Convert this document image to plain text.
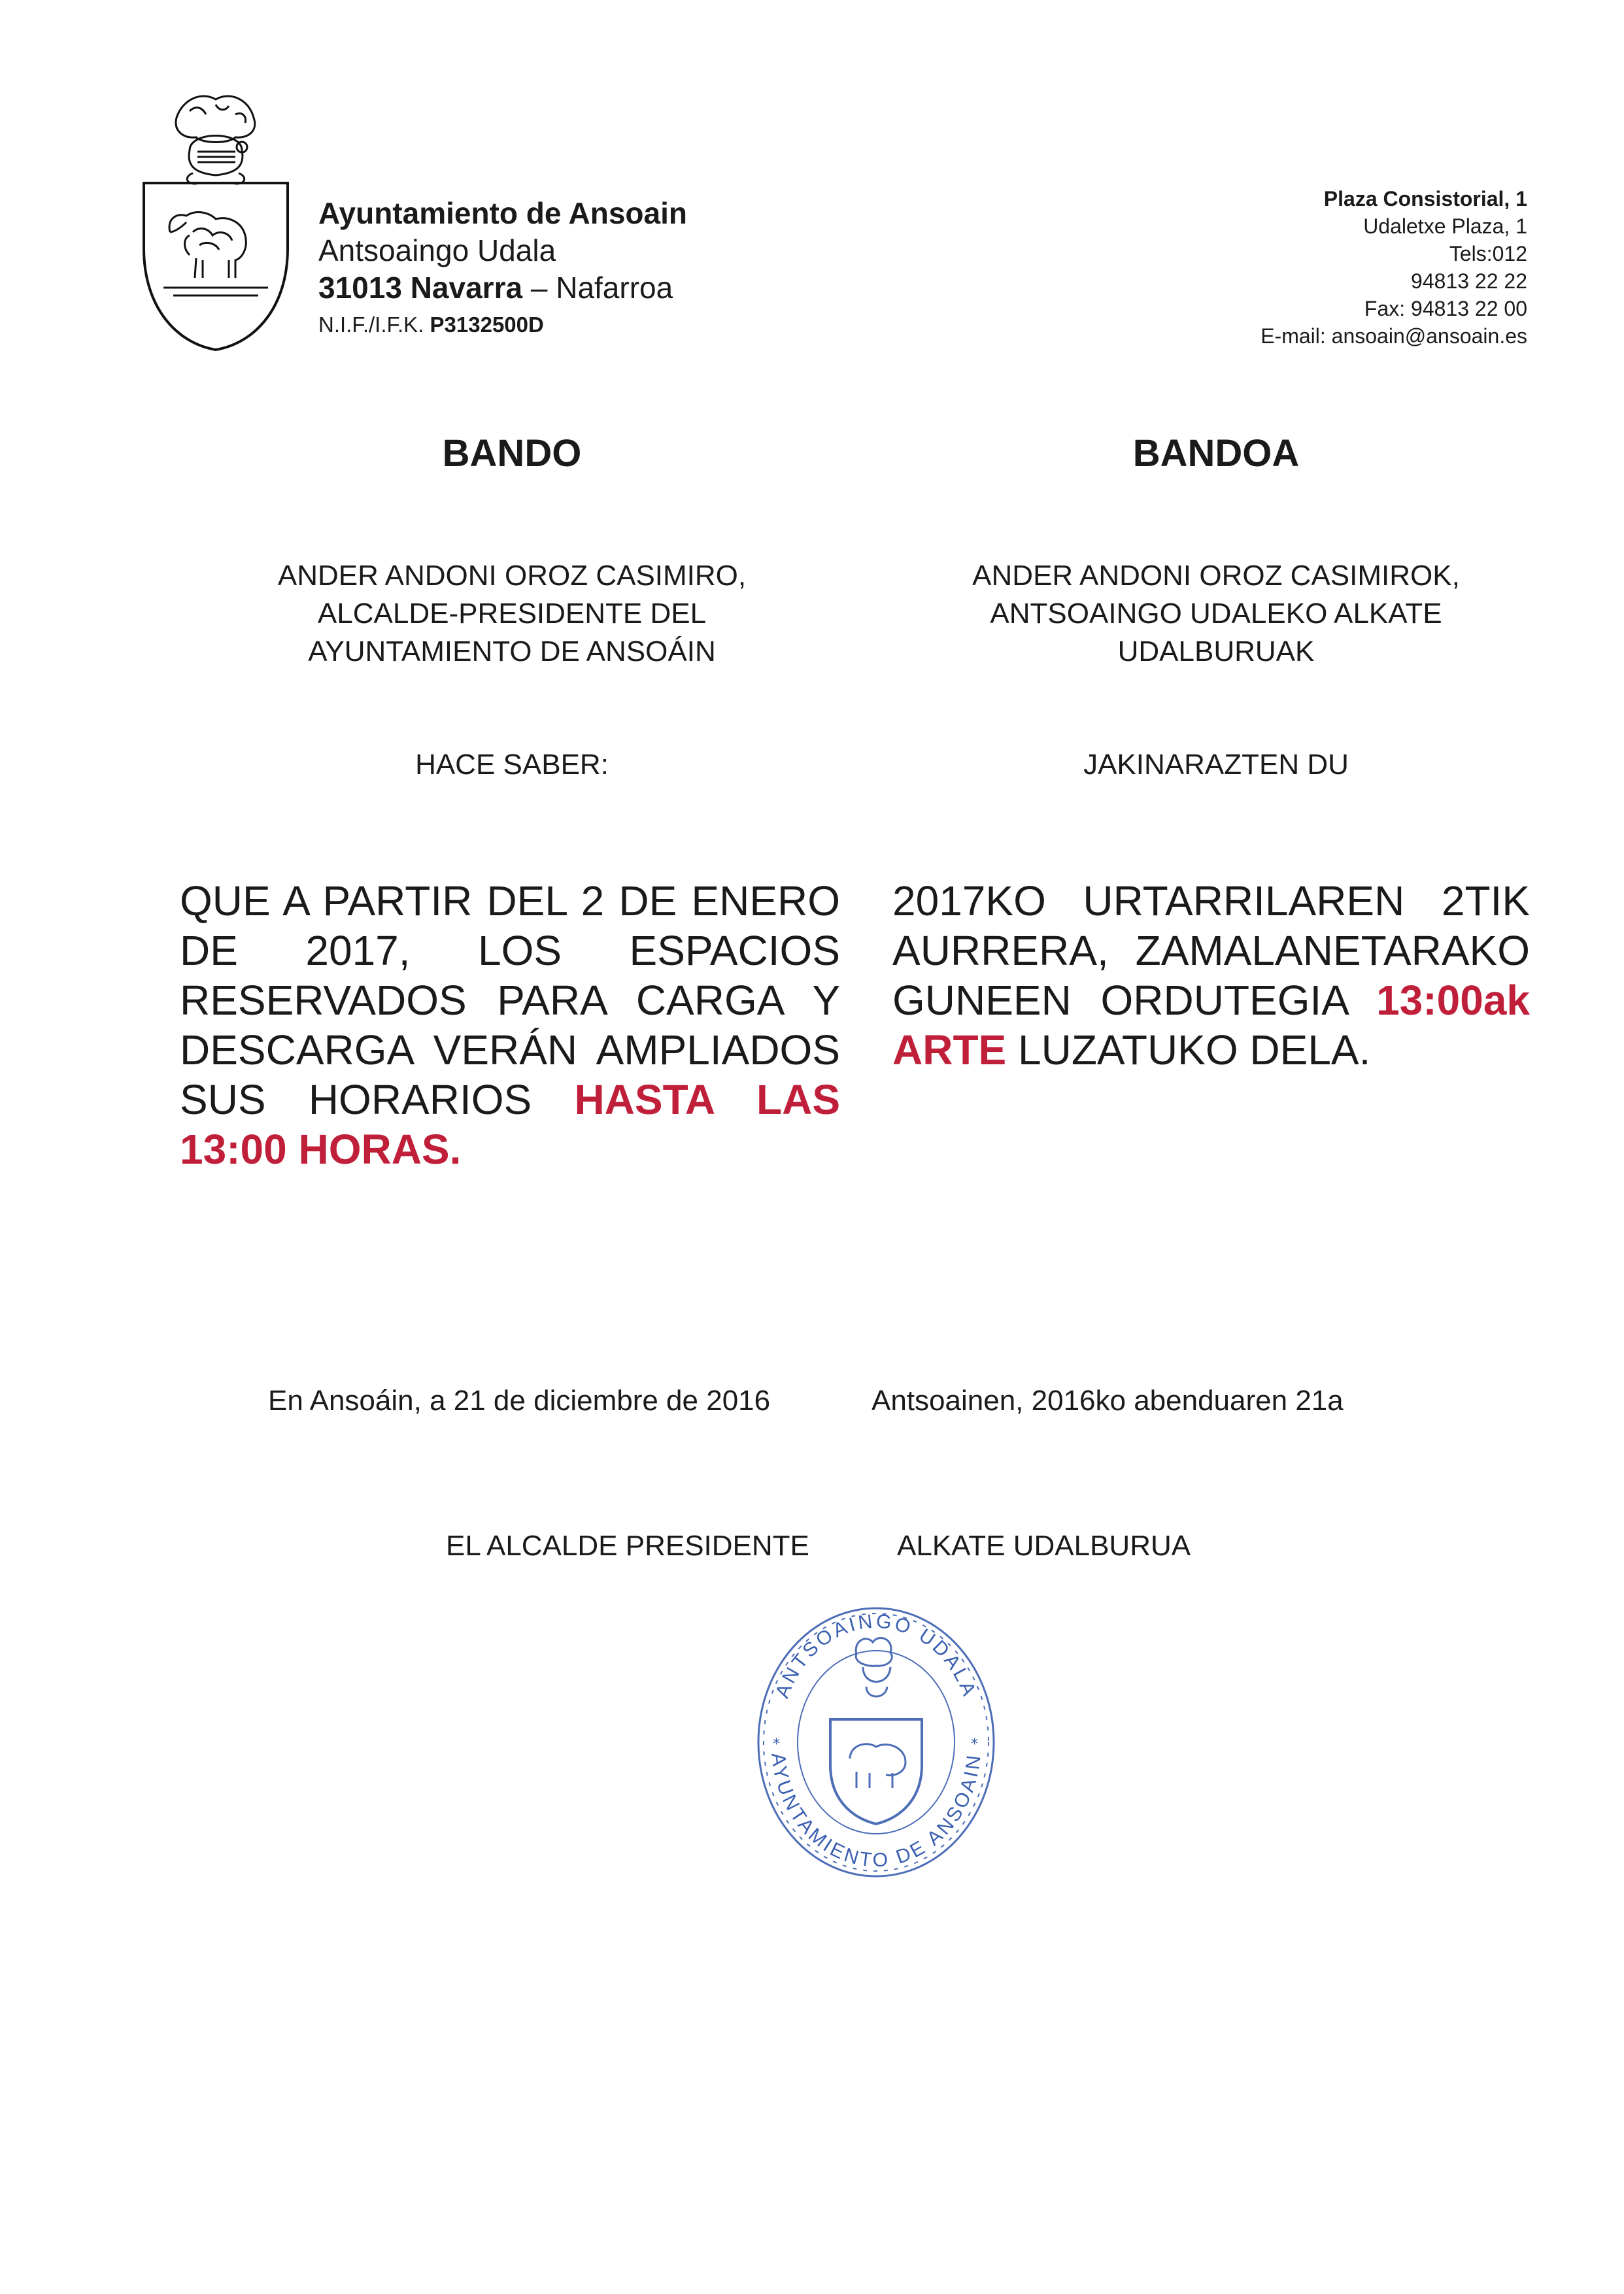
Ayuntamiento de Ansoain
Antsoaingo Udala
31013 Navarra – Nafarroa
N.I.F./I.F.K. P3132500D
Plaza Consistorial, 1
Udaletxe Plaza, 1
Tels:012
94813 22 22
Fax: 94813 22 00
E-mail: ansoain@ansoain.es
BANDO	BANDOA
ANDER ANDONI OROZ CASIMIRO,
ALCALDE-PRESIDENTE DEL
AYUNTAMIENTO DE ANSOÁIN
ANDER ANDONI OROZ CASIMIROK,
ANTSOAINGO UDALEKO ALKATE
UDALBURUAK
HACE SABER:	JAKINARAZTEN DU
QUE A PARTIR DEL 2 DE ENERO DE 2017, LOS ESPACIOS RESERVADOS PARA CARGA Y DESCARGA VERÁN AMPLIADOS SUS HORARIOS HASTA LAS 13:00 HORAS.
2017KO URTARRILAREN 2TIK AURRERA, ZAMALANETARAKO GUNEEN ORDUTEGIA 13:00ak ARTE LUZATUKO DELA.
En Ansoáin, a 21 de diciembre de 2016	Antsoainen, 2016ko abenduaren 21a
EL ALCALDE PRESIDENTE	ALKATE UDALBURUA
ANTSOAINGO UDALA
AYUNTAMIENTO DE ANSOAIN
*	*
